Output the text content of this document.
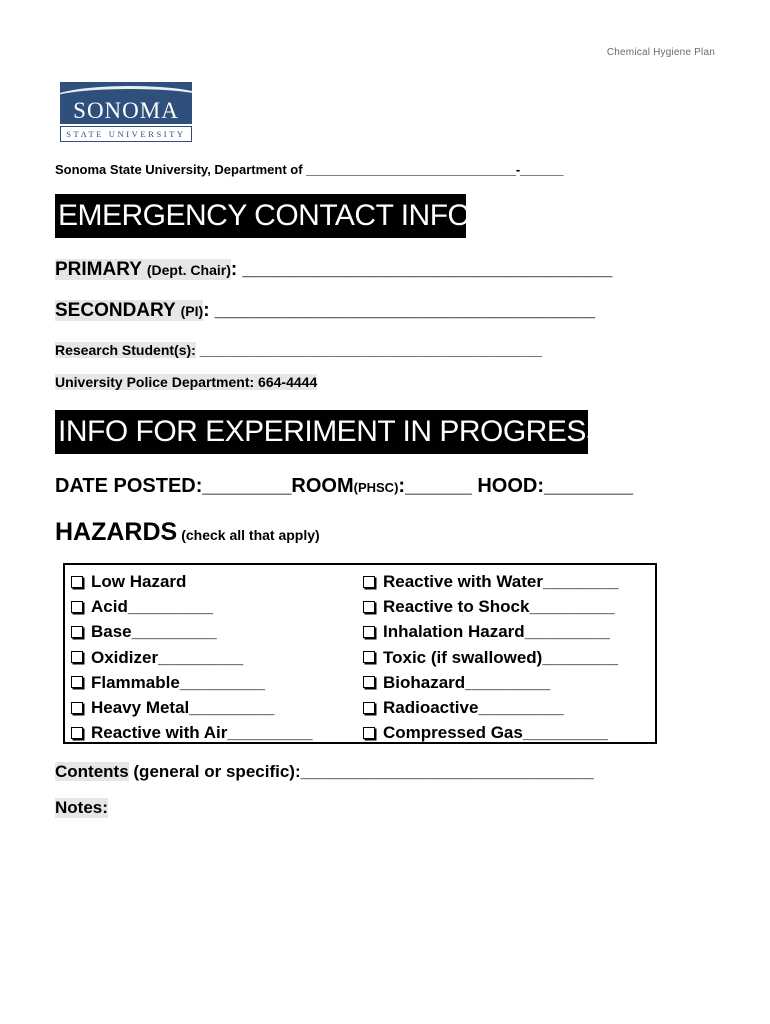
Chemical Hygiene Plan
SONOMA
STATE UNIVERSITY
Sonoma State University, Department of _____________________________-______
EMERGENCY CONTACT INFO
PRIMARY (Dept. Chair): ___________________________________
SECONDARY (PI): ____________________________________
Research Student(s): ____________________________________________
University Police Department: 664-4444
INFO FOR EXPERIMENT IN PROGRESS
DATE POSTED:________ROOM(PHSC):______ HOOD:________
HAZARDS (check all that apply)
Low Hazard
Acid_________
Base_________
Oxidizer_________
Flammable_________
Heavy Metal_________
Reactive with Air_________
Reactive with Water________
Reactive to Shock_________
Inhalation Hazard_________
Toxic (if swallowed)________
Biohazard_________
Radioactive_________
Compressed Gas_________
Contents (general or specific):_______________________________
Notes:
